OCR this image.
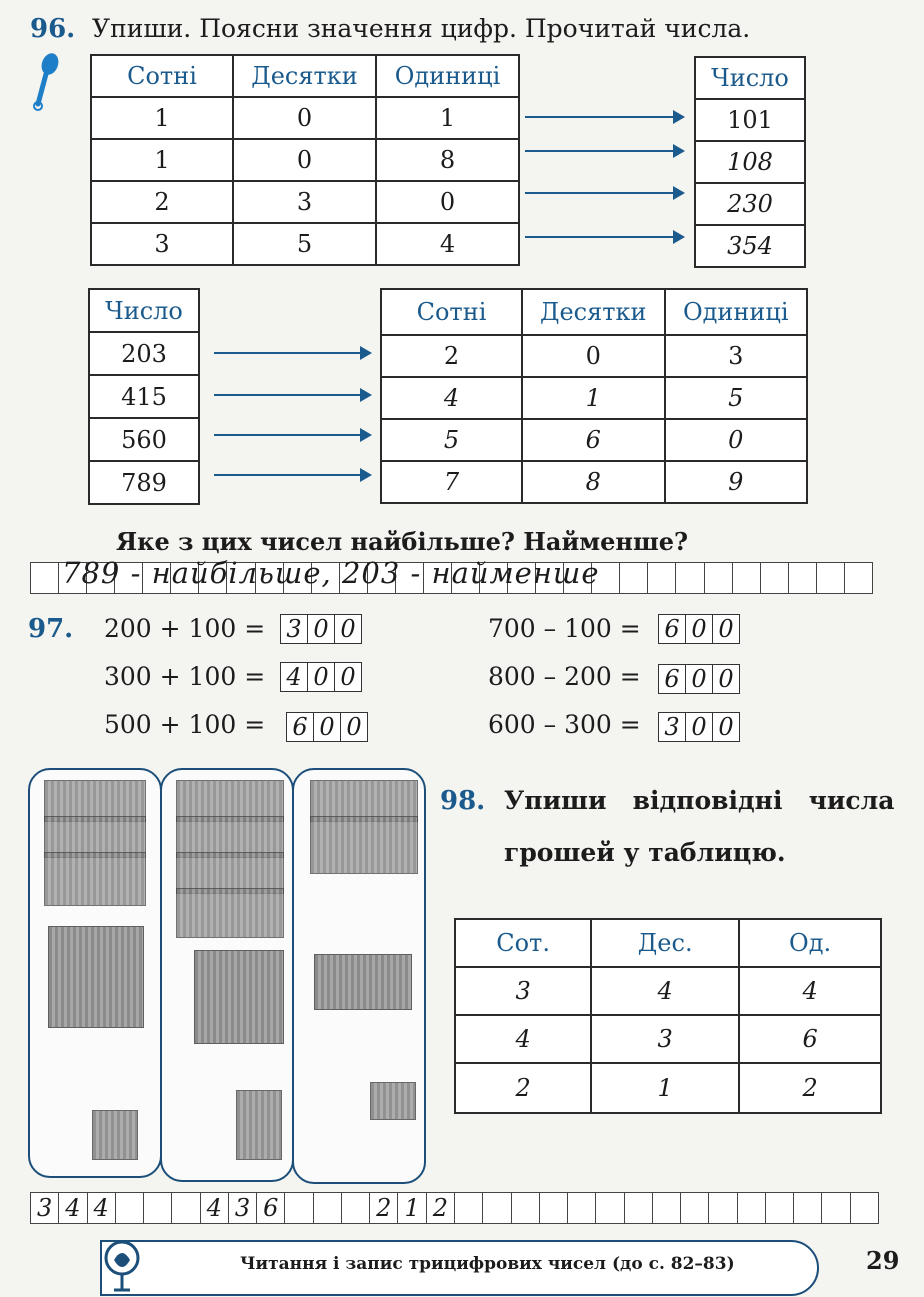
96. Упиши. Поясни значення цифр. Прочитай числа.
Сотні	Десятки	Одиниці
1	0	1
1	0	8
2	3	0
3	5	4
Число
101
108
230
354
Число
203
415
560
789
Сотні	Десятки	Одиниці
2	0	3
4	1	5
5	6	0
7	8	9
Яке з цих чисел найбільше? Найменше?
789 - найбільше, 203 - найменше
97. 200 + 100 = 3 0 0
300 + 100 = 4 0 0
500 + 100 = 6 0 0
700 – 100 = 6 0 0
800 – 200 = 6 0 0
600 – 300 = 3 0 0
98. Упиши   відповідні   числа
грошей у таблицю.
Сот.	Дес.	Од.
3	4	4
4	3	6
2	1	2
3 4 4	4 3 6	2 1 2
Читання і запис трицифрових чисел (до с. 82–83)	29
